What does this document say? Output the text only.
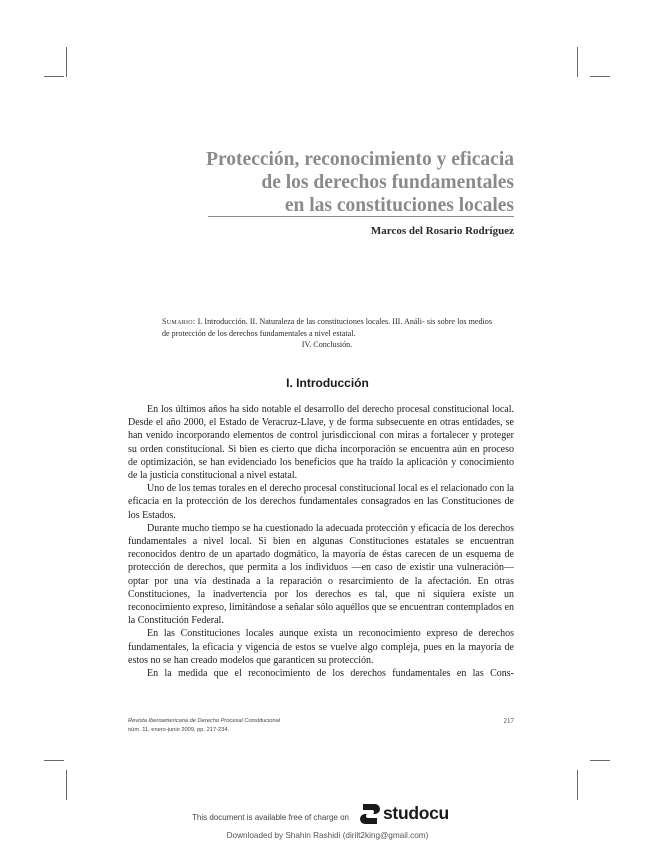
Protección, reconocimiento y eficacia
de los derechos fundamentales
en las constituciones locales
Marcos del Rosario Rodríguez
Sumario: I. Introducción. II. Naturaleza de las constituciones locales. III. Análi- sis sobre los medios de protección de los derechos fundamentales a nivel estatal.
IV. Conclusión.
I. Introducción

En los últimos años ha sido notable el desarrollo del derecho procesal constitucional local. Desde el año 2000, el Estado de Veracruz-Llave, y de forma subsecuente en otras entidades, se han venido incorporando elementos de control jurisdiccional con miras a fortalecer y proteger su orden constitucional. Si bien es cierto que dicha incorporación se encuentra aún en proceso de optimización, se han evidenciado los beneficios que ha traído la aplicación y conocimiento de la justicia constitucional a nivel estatal.

Uno de los temas torales en el derecho procesal constitucional local es el relacionado con la eficacia en la protección de los derechos fundamentales consagrados en las Constituciones de los Estados.

Durante mucho tiempo se ha cuestionado la adecuada protección y eficacia de los derechos fundamentales a nivel local. Si bien en algunas Constituciones estatales se encuentran reconocidos dentro de un apartado dogmático, la mayoría de éstas carecen de un esquema de protección de derechos, que permita a los individuos —en caso de existir una vulneración— optar por una vía destinada a la reparación o resarcimiento de la afectación. En otras Constituciones, la inadvertencia por los derechos es tal, que ni siquiera existe un reconocimiento expreso, limitándose a señalar sólo aquéllos que se encuentran contemplados en la Constitución Federal.

En las Constituciones locales aunque exista un reconocimiento expreso de derechos fundamentales, la eficacia y vigencia de estos se vuelve algo compleja, pues en la mayoría de estos no se han creado modelos que garanticen su protección.

En la medida que el reconocimiento de los derechos fundamentales en las Cons-

Revista Iberoamericana de Derecho Procesal Constitucional
núm. 11, enero-junio 2009, pp. 217-234.
217
This document is available free of charge on studocu
Downloaded by Shahin Rashidi (dirilt2king@gmail.com)
